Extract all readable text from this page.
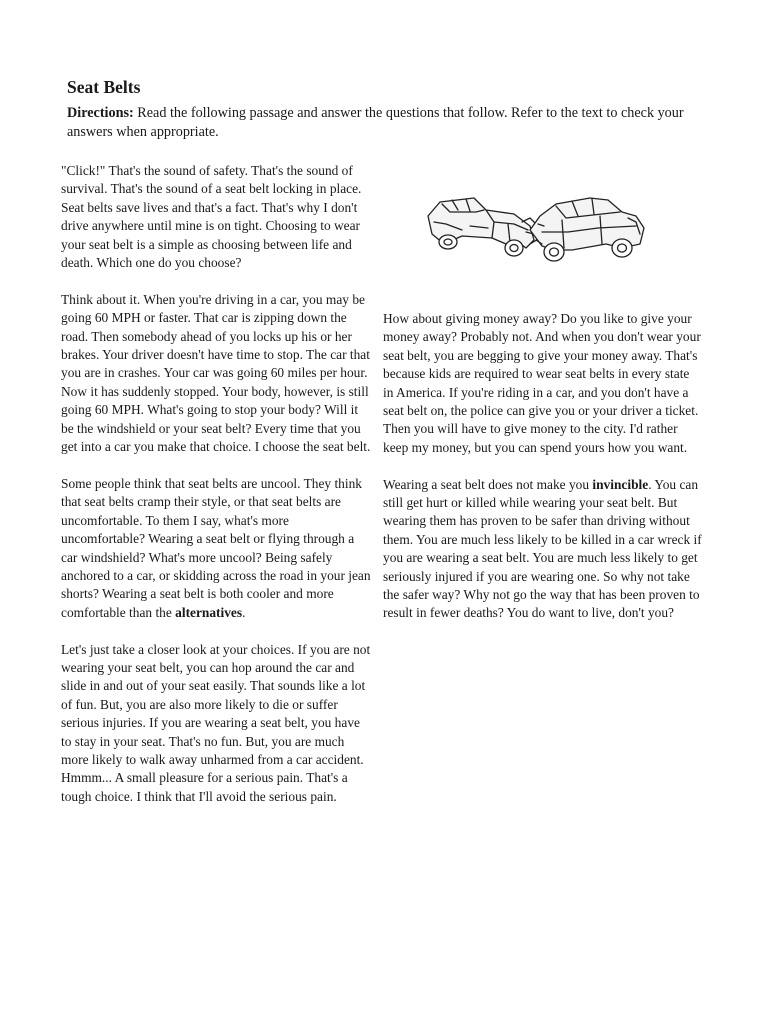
Seat Belts

Directions: Read the following passage and answer the questions that follow. Refer to the text to check your answers when appropriate.

"Click!" That's the sound of safety. That's the sound of survival. That's the sound of a seat belt locking in place. Seat belts save lives and that's a fact. That's why I don't drive anywhere until mine is on tight. Choosing to wear your seat belt is a simple as choosing between life and death. Which one do you choose?

Think about it. When you're driving in a car, you may be going 60 MPH or faster. That car is zipping down the road. Then somebody ahead of you locks up his or her brakes. Your driver doesn't have time to stop. The car that you are in crashes. Your car was going 60 miles per hour. Now it has suddenly stopped. Your body, however, is still going 60 MPH. What's going to stop your body? Will it be the windshield or your seat belt? Every time that you get into a car you make that choice. I choose the seat belt.

Some people think that seat belts are uncool. They think that seat belts cramp their style, or that seat belts are uncomfortable. To them I say, what's more uncomfortable? Wearing a seat belt or flying through a car windshield? What's more uncool? Being safely anchored to a car, or skidding across the road in your jean shorts? Wearing a seat belt is both cooler and more comfortable than the alternatives.

Let's just take a closer look at your choices. If you are not wearing your seat belt, you can hop around the car and slide in and out of your seat easily. That sounds like a lot of fun. But, you are also more likely to die or suffer serious injuries. If you are wearing a seat belt, you have to stay in your seat. That's no fun. But, you are much more likely to walk away unharmed from a car accident. Hmmm... A small pleasure for a serious pain. That's a tough choice. I think that I'll avoid the serious pain.

How about giving money away? Do you like to give your money away? Probably not. And when you don't wear your seat belt, you are begging to give your money away. That's because kids are required to wear seat belts in every state in America. If you're riding in a car, and you don't have a seat belt on, the police can give you or your driver a ticket. Then you will have to give money to the city. I'd rather keep my money, but you can spend yours how you want.

Wearing a seat belt does not make you invincible. You can still get hurt or killed while wearing your seat belt. But wearing them has proven to be safer than driving without them. You are much less likely to be killed in a car wreck if you are wearing a seat belt. You are much less likely to get seriously injured if you are wearing one. So why not take the safer way? Why not go the way that has been proven to result in fewer deaths? You do want to live, don't you?
